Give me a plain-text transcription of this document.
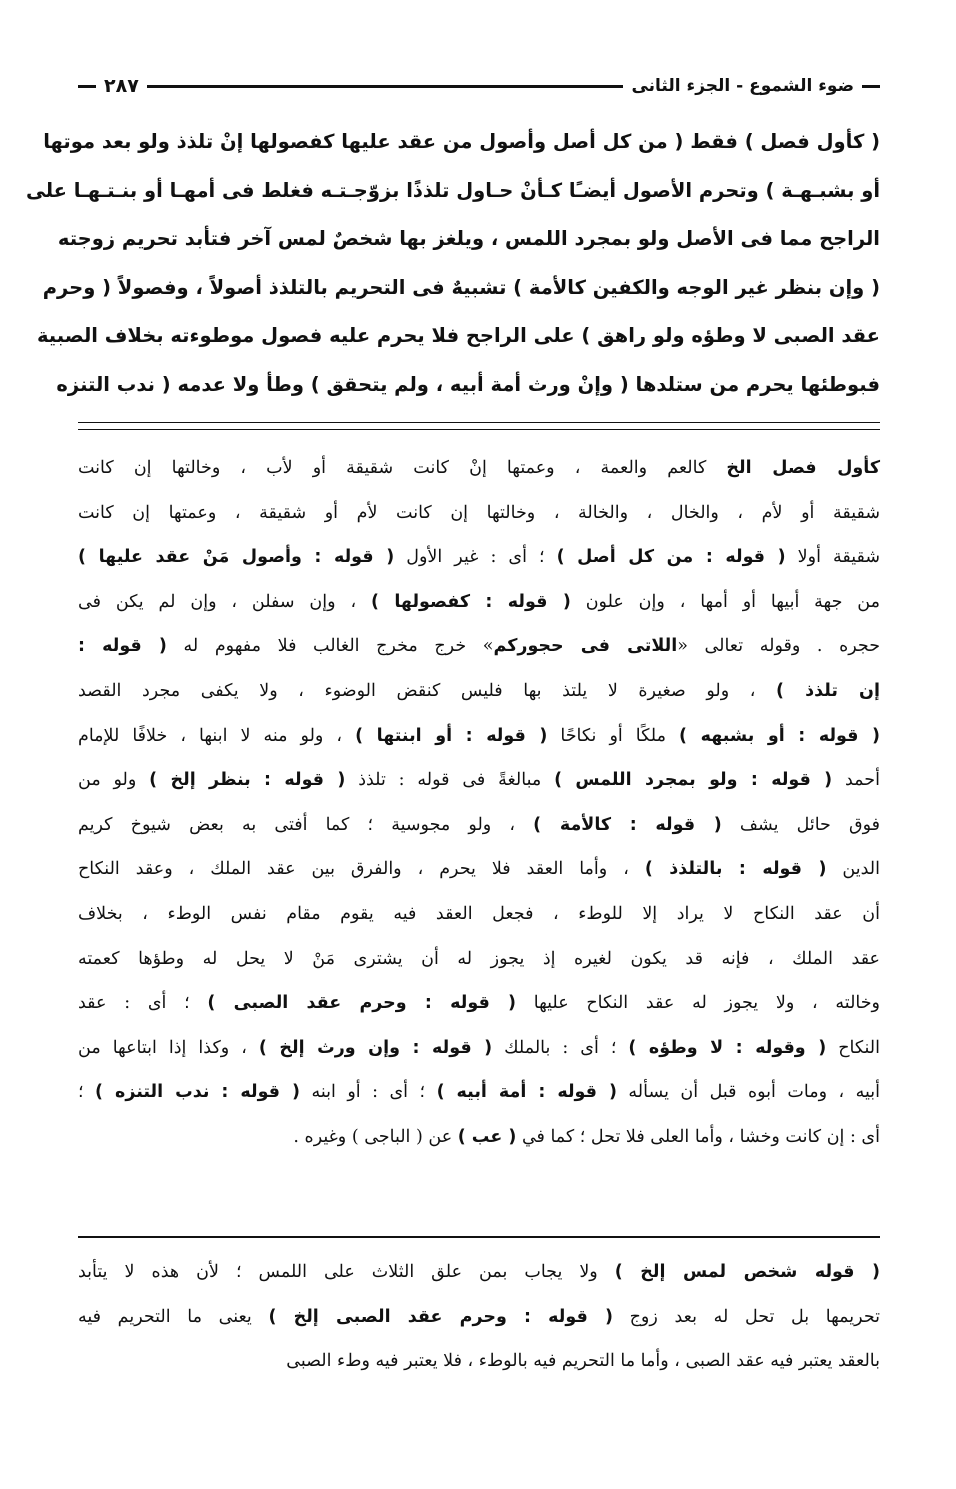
ضوء الشموع - الجزء الثانى
٢٨٧
( كأول فصل ) فقط ( من كل أصل وأصول من عقد عليها كفصولها إنْ تلذذ ولو بعد موتها
أو بشبـهـة ) وتحرم الأصول أيضـًا كـأنْ حـاول تلذذًا بزوّجـتـه فغلط فى أمهـا أو بنـتـهـا على
الراجح مما فى الأصل ولو بمجرد اللمس ، ويلغز بها شخصٌ لمس آخر فتأبد تحريم زوجته
( وإن بنظر غير الوجه والكفين كالأمة ) تشبيهٌ فى التحريم بالتلذذ أصولاً ، وفصولاً ( وحرم
عقد الصبى لا وطؤه ولو راهق ) على الراجح فلا يحرم عليه فصول موطوءته بخلاف الصبية
فبوطئها يحرم من ستلدها ( وإنْ ورث أمة أبيه ، ولم يتحقق ) وطأ ولا عدمه ( ندب التنزه
كأول فصل الخ كالعم والعمة ، وعمتها إنْ كانت شقيقة أو لأب ، وخالتها إن كانت
شقيقة أو لأم ، والخال ، والخالة ، وخالتها إن كانت لأم أو شقيقة ، وعمتها إن كانت
شقيقة أولا ( قوله : من كل أصل ) ؛ أى : غير الأول ( قوله : وأصول مَنْ عقد عليها )
من جهة أبيها أو أمها ، وإن علون ( قوله : كفصولها ) ، وإن سفلن ، وإن لم يكن فى
حجره . وقوله تعالى «اللاتى فى حجوركم» خرج مخرج الغالب فلا مفهوم له ( قوله :
إن تلذذ ) ، ولو صغيرة لا يلتذ بها فليس كنقض الوضوء ، ولا يكفى مجرد القصد
( قوله : أو بشبهه ) ملكًا أو نكاحًا ( قوله : أو ابنتها ) ، ولو منه لا ابنها ، خلافًا للإمام
أحمد ( قوله : ولو بمجرد اللمس ) مبالغةً فى قوله : تلذذ ( قوله : بنظر إلخ ) ولو من
فوق حائل يشف ( قوله : كالأمة ) ، ولو مجوسية ؛ كما أفتى به بعض شيوخ كريم
الدين ( قوله : بالتلذذ ) ، وأما العقد فلا يحرم ، والفرق بين عقد الملك ، وعقد النكاح
أن عقد النكاح لا يراد إلا للوطء ، فجعل العقد فيه يقوم مقام نفس الوطء ، بخلاف
عقد الملك ، فإنه قد يكون لغيره إذ يجوز له أن يشترى مَنْ لا يحل له وطؤها كعمته
وخالته ، ولا يجوز له عقد النكاح عليها ( قوله : وحرم عقد الصبى ) ؛ أى : عقد
النكاح ( وقوله : لا وطؤه ) ؛ أى : بالملك ( قوله : وإن ورث إلخ ) ، وكذا إذا ابتاعها من
أبيه ، ومات أبوه قبل أن يسأله ( قوله : أمة أبيه ) ؛ أى : أو ابنه ( قوله : ندب التنزه ) ؛
أى : إن كانت وخشا ، وأما العلى فلا تحل ؛ كما في ( عب ) عن ( الباجى ) وغيره .
( قوله شخص لمس إلخ ) ولا يجاب بمن علق الثلاث على اللمس ؛ لأن هذه لا يتأبد
تحريمها بل تحل له بعد زوج ( قوله : وحرم عقد الصبى إلخ ) يعنى ما التحريم فيه
بالعقد يعتبر فيه عقد الصبى ، وأما ما التحريم فيه بالوطء ، فلا يعتبر فيه وطء الصبى
